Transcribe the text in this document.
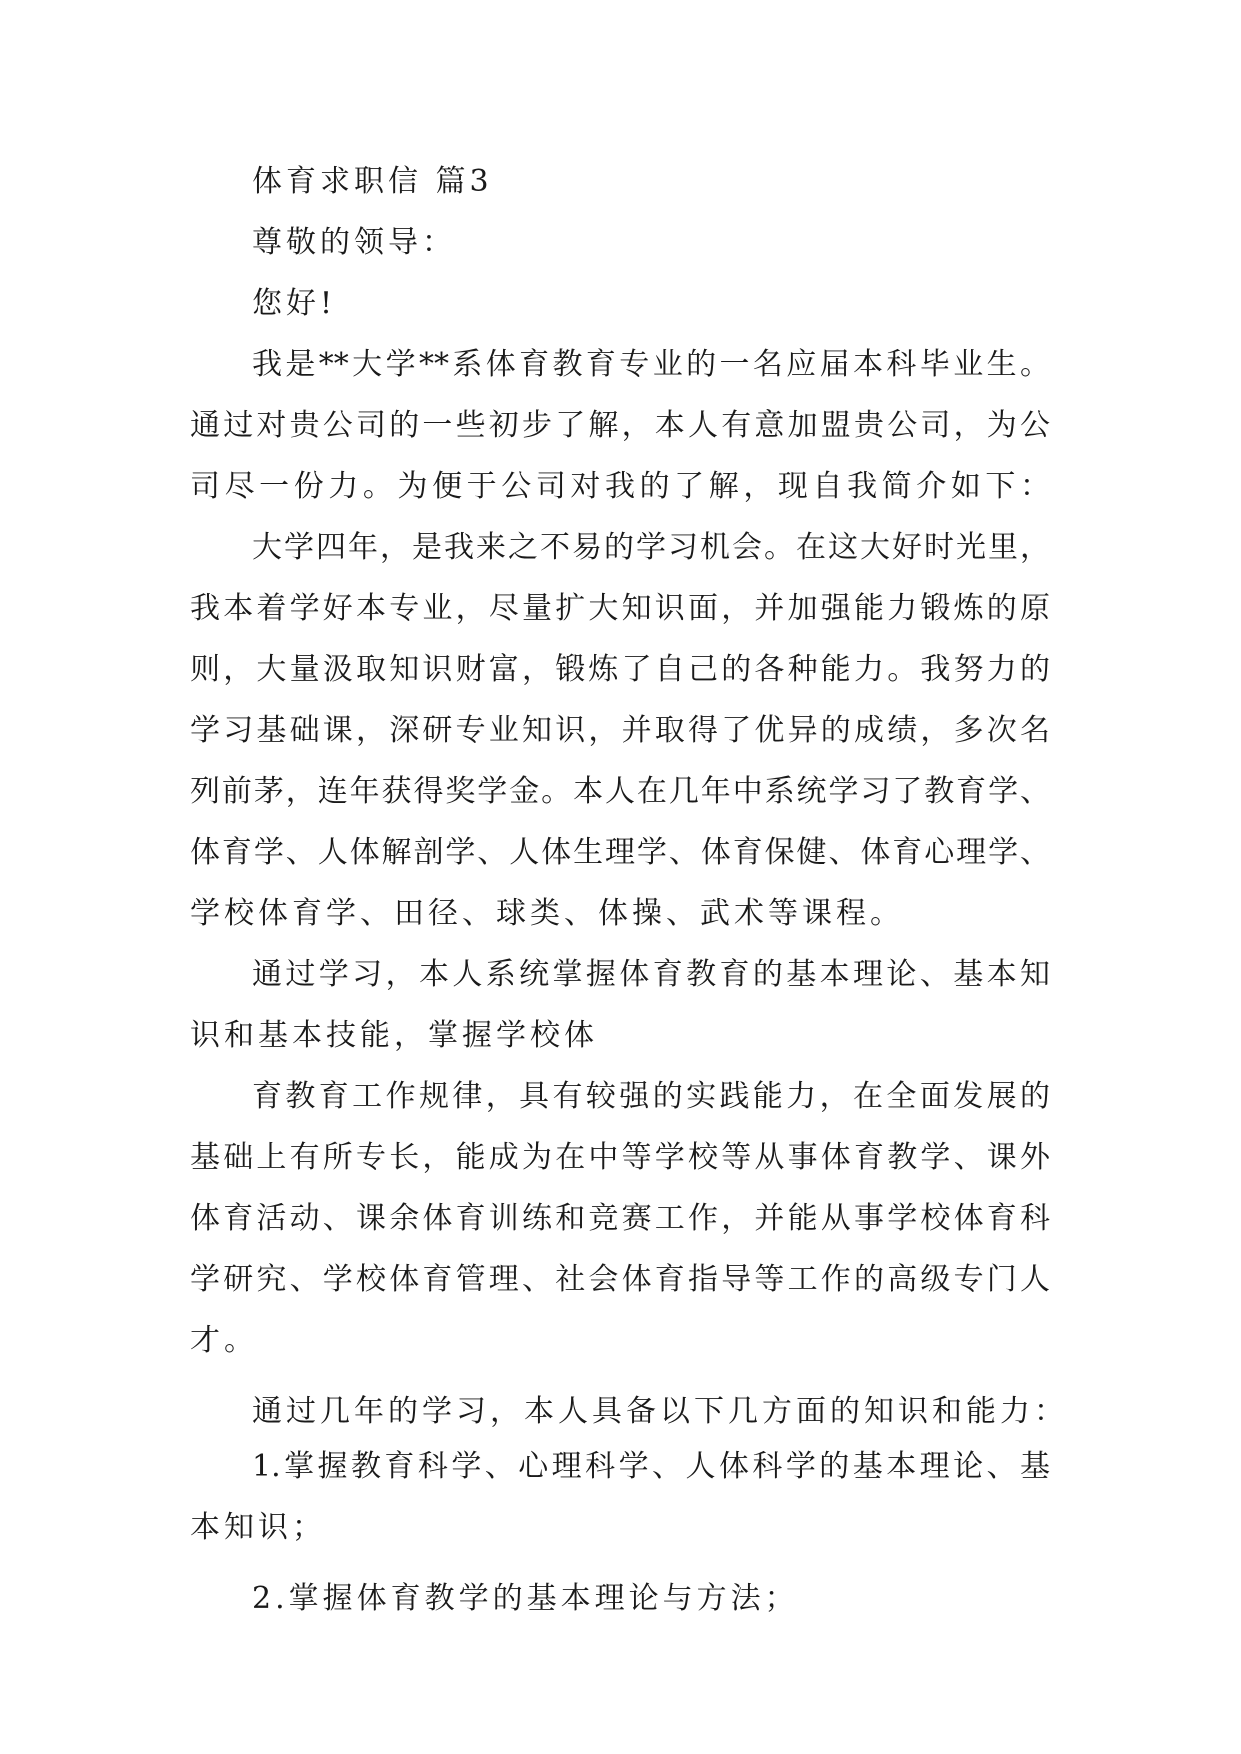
体育求职信 篇3
尊敬的领导：
您好!
我是**大学**系体育教育专业的一名应届本科毕业生。
通过对贵公司的一些初步了解，本人有意加盟贵公司，为公
司尽一份力。为便于公司对我的了解，现自我简介如下：
大学四年，是我来之不易的学习机会。在这大好时光里，
我本着学好本专业，尽量扩大知识面，并加强能力锻炼的原
则，大量汲取知识财富，锻炼了自己的各种能力。我努力的
学习基础课，深研专业知识，并取得了优异的成绩，多次名
列前茅，连年获得奖学金。本人在几年中系统学习了教育学、
体育学、人体解剖学、人体生理学、体育保健、体育心理学、
学校体育学、田径、球类、体操、武术等课程。
通过学习，本人系统掌握体育教育的基本理论、基本知
识和基本技能，掌握学校体
育教育工作规律，具有较强的实践能力，在全面发展的
基础上有所专长，能成为在中等学校等从事体育教学、课外
体育活动、课余体育训练和竞赛工作，并能从事学校体育科
学研究、学校体育管理、社会体育指导等工作的高级专门人
才。
通过几年的学习，本人具备以下几方面的知识和能力：
1.掌握教育科学、心理科学、人体科学的基本理论、基
本知识；
2.掌握体育教学的基本理论与方法；
